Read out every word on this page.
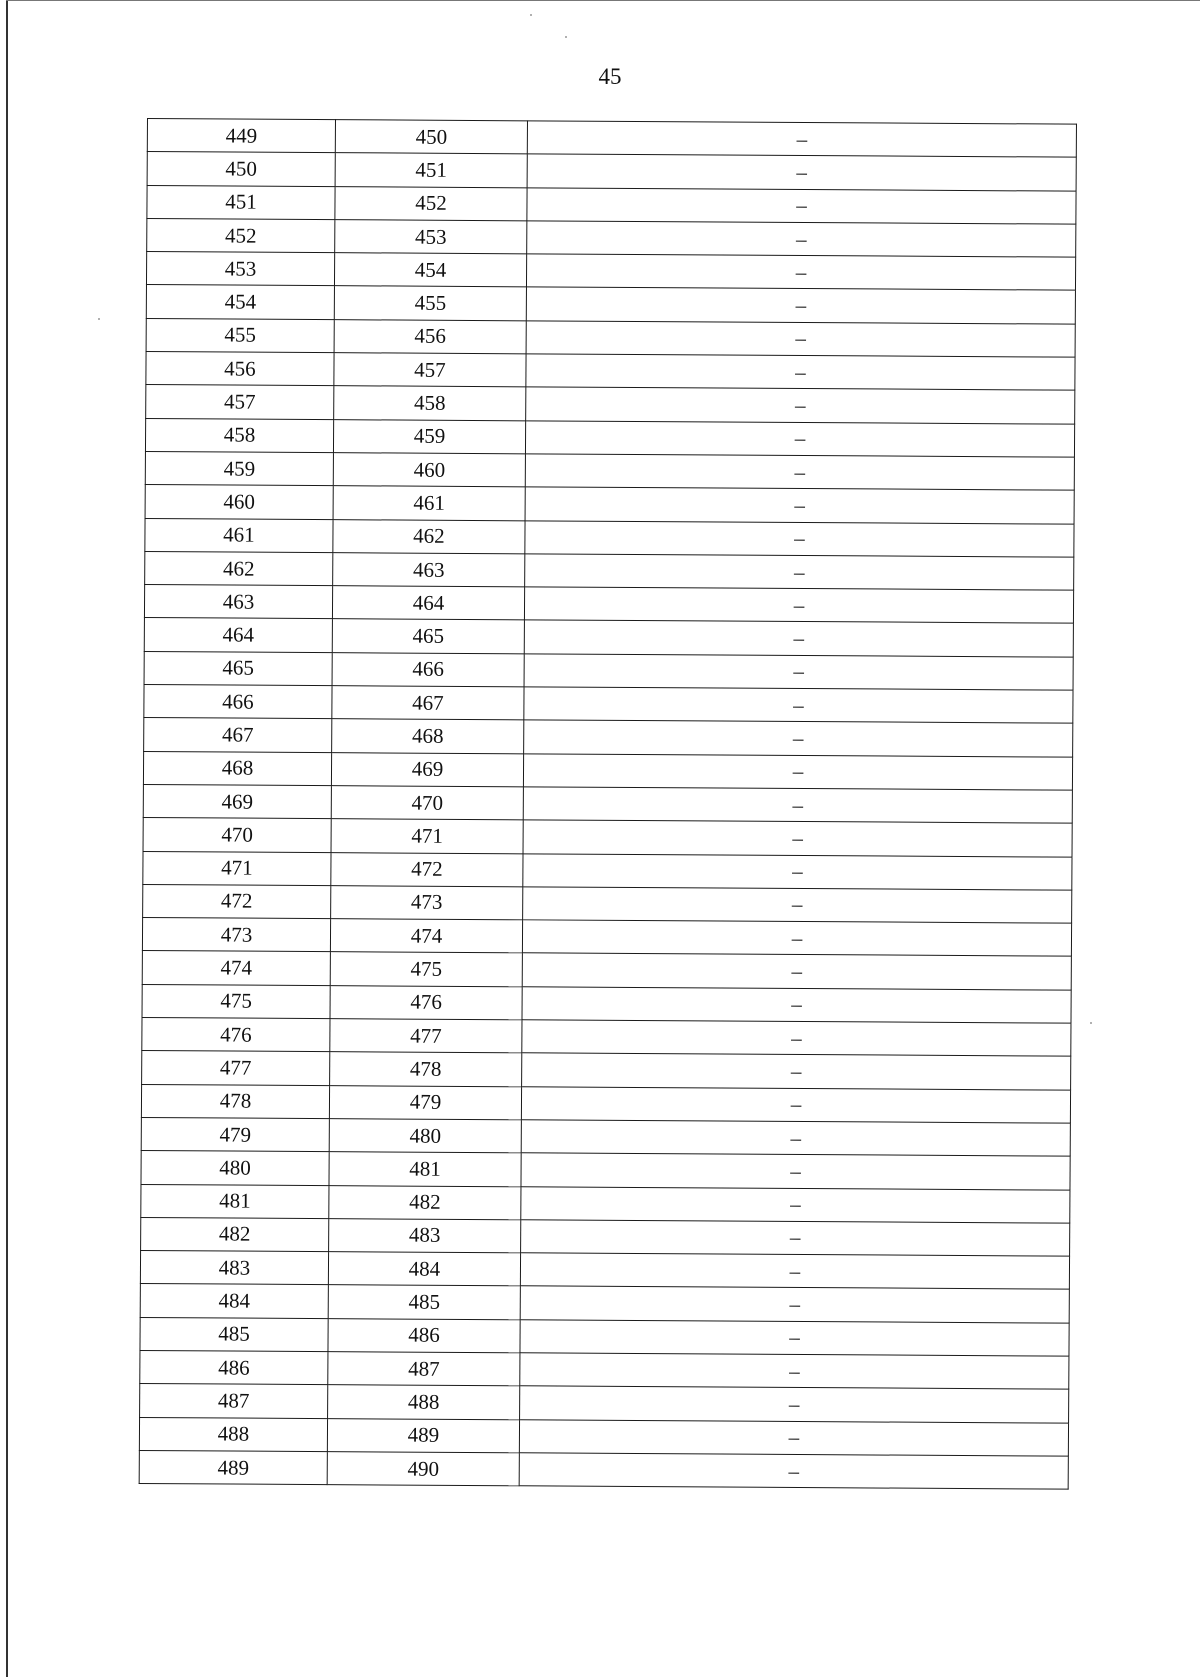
45
449	450	–
450	451	–
451	452	–
452	453	–
453	454	–
454	455	–
455	456	–
456	457	–
457	458	–
458	459	–
459	460	–
460	461	–
461	462	–
462	463	–
463	464	–
464	465	–
465	466	–
466	467	–
467	468	–
468	469	–
469	470	–
470	471	–
471	472	–
472	473	–
473	474	–
474	475	–
475	476	–
476	477	–
477	478	–
478	479	–
479	480	–
480	481	–
481	482	–
482	483	–
483	484	–
484	485	–
485	486	–
486	487	–
487	488	–
488	489	–
489	490	–
